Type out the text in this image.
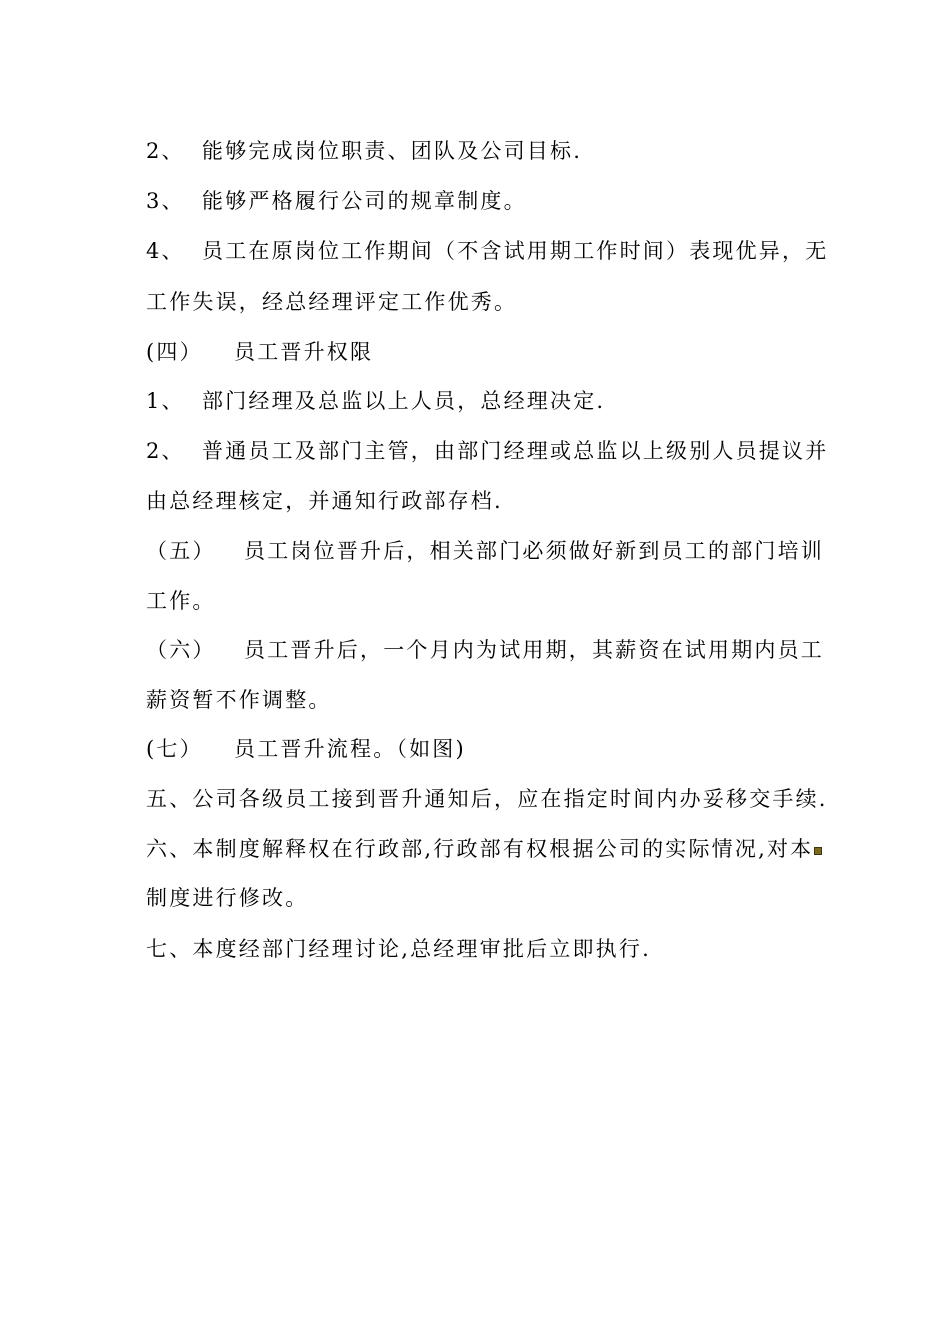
2、 能够完成岗位职责、团队及公司目标.
3、 能够严格履行公司的规章制度。
4、 员工在原岗位工作期间（不含试用期工作时间）表现优异，无
工作失误，经总经理评定工作优秀。
(四） 员工晋升权限
1、 部门经理及总监以上人员，总经理决定.
2、 普通员工及部门主管，由部门经理或总监以上级别人员提议并
由总经理核定，并通知行政部存档.
（五） 员工岗位晋升后，相关部门必须做好新到员工的部门培训
工作。
（六） 员工晋升后，一个月内为试用期，其薪资在试用期内员工
薪资暂不作调整。
(七） 员工晋升流程。（如图)
五、公司各级员工接到晋升通知后，应在指定时间内办妥移交手续.
六、本制度解释权在行政部,行政部有权根据公司的实际情况,对本
制度进行修改。
七、本度经部门经理讨论,总经理审批后立即执行.
